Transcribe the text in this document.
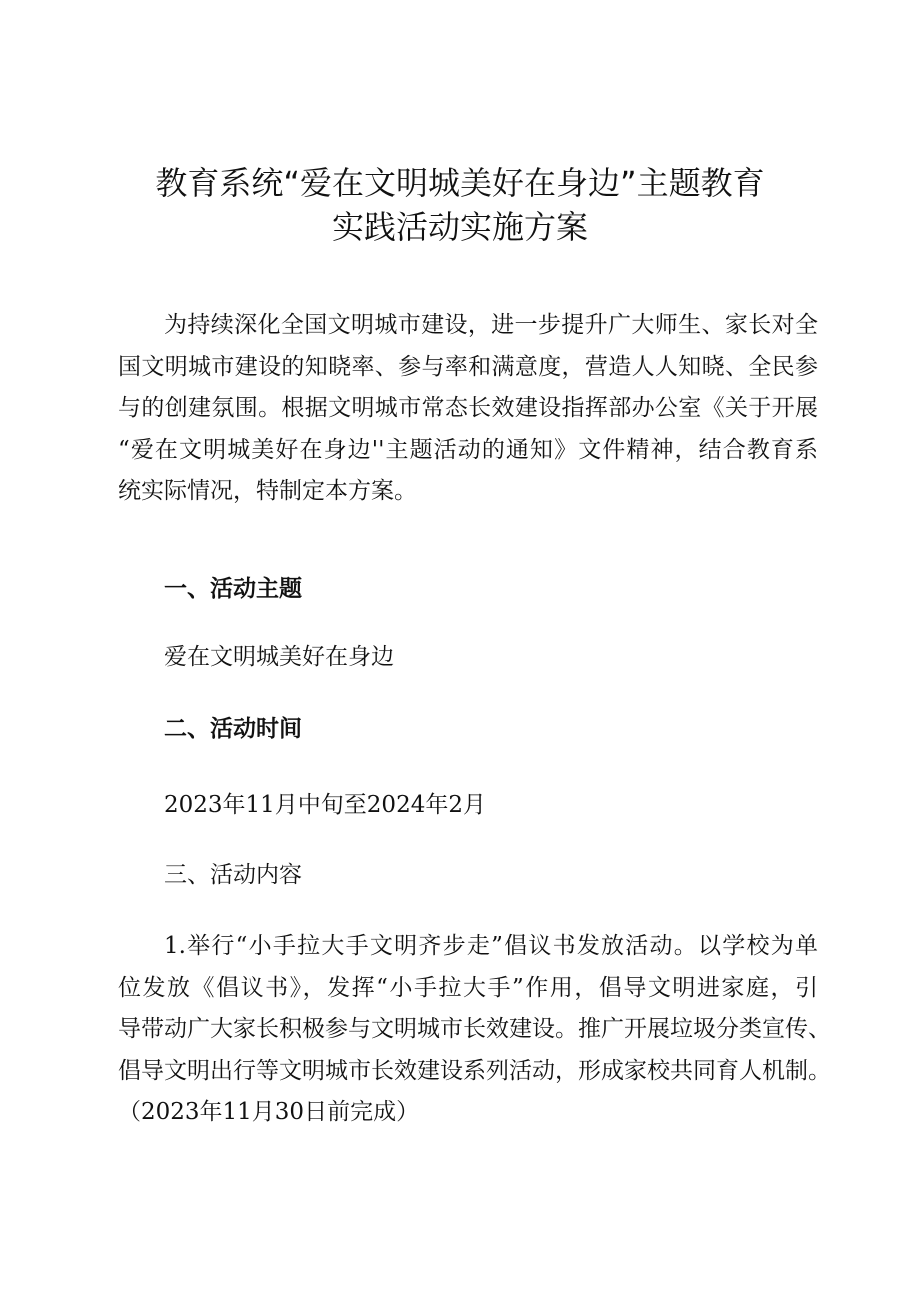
教育系统“爱在文明城美好在身边”主题教育
实践活动实施方案
为持续深化全国文明城市建设，进一步提升广大师生、家长对全
国文明城市建设的知晓率、参与率和满意度，营造人人知晓、全民参
与的创建氛围。根据文明城市常态长效建设指挥部办公室《关于开展
“爱在文明城美好在身边''主题活动的通知》文件精神，结合教育系
统实际情况，特制定本方案。
一、活动主题

爱在文明城美好在身边

二、活动时间

2023年11月中旬至2024年2月

三、活动内容

1.举行“小手拉大手文明齐步走”倡议书发放活动。以学校为单
位发放《倡议书》，发挥“小手拉大手”作用，倡导文明进家庭，引
导带动广大家长积极参与文明城市长效建设。推广开展垃圾分类宣传、
倡导文明出行等文明城市长效建设系列活动，形成家校共同育人机制。
（2023年11月30日前完成）
